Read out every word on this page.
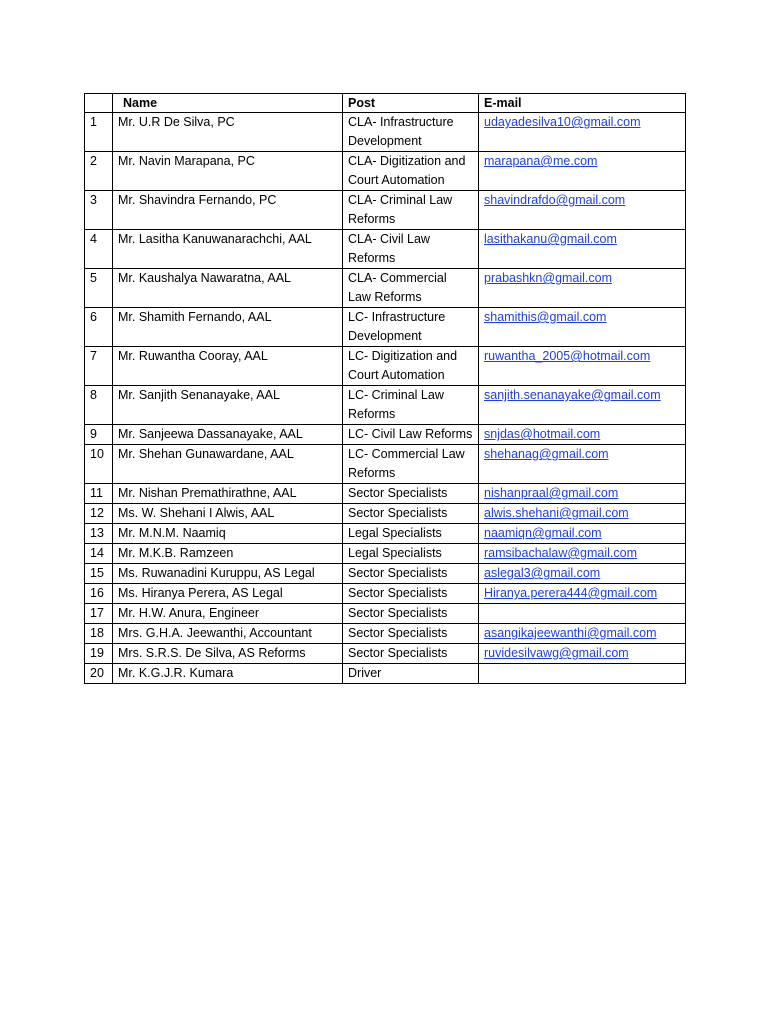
	Name	Post	E-mail
1	Mr. U.R De Silva, PC	CLA- Infrastructure Development	udayadesilva10@gmail.com
2	Mr. Navin Marapana, PC	CLA- Digitization and Court Automation	marapana@me.com
3	Mr. Shavindra Fernando, PC	CLA- Criminal Law Reforms	shavindrafdo@gmail.com
4	Mr. Lasitha Kanuwanarachchi, AAL	CLA- Civil Law Reforms	lasithakanu@gmail.com
5	Mr. Kaushalya Nawaratna, AAL	CLA- Commercial Law Reforms	prabashkn@gmail.com
6	Mr. Shamith Fernando, AAL	LC- Infrastructure Development	shamithis@gmail.com
7	Mr. Ruwantha Cooray, AAL	LC- Digitization and Court Automation	ruwantha_2005@hotmail.com
8	Mr. Sanjith Senanayake, AAL	LC- Criminal Law Reforms	sanjith.senanayake@gmail.com
9	Mr. Sanjeewa Dassanayake, AAL	LC- Civil Law Reforms	snjdas@hotmail.com
10	Mr. Shehan Gunawardane, AAL	LC- Commercial Law Reforms	shehanag@gmail.com
11	Mr. Nishan Premathirathne, AAL	Sector Specialists	nishanpraal@gmail.com
12	Ms. W. Shehani I Alwis, AAL	Sector Specialists	alwis.shehani@gmail.com
13	Mr. M.N.M. Naamiq	Legal Specialists	naamiqn@gmail.com
14	Mr. M.K.B. Ramzeen	Legal Specialists	ramsibachalaw@gmail.com
15	Ms. Ruwanadini Kuruppu, AS Legal	Sector Specialists	aslegal3@gmail.com
16	Ms. Hiranya Perera, AS Legal	Sector Specialists	Hiranya.perera444@gmail.com
17	Mr. H.W. Anura, Engineer	Sector Specialists	
18	Mrs. G.H.A. Jeewanthi, Accountant	Sector Specialists	asangikajeewanthi@gmail.com
19	Mrs. S.R.S. De Silva, AS Reforms	Sector Specialists	ruvidesilvawg@gmail.com
20	Mr. K.G.J.R. Kumara	Driver	
